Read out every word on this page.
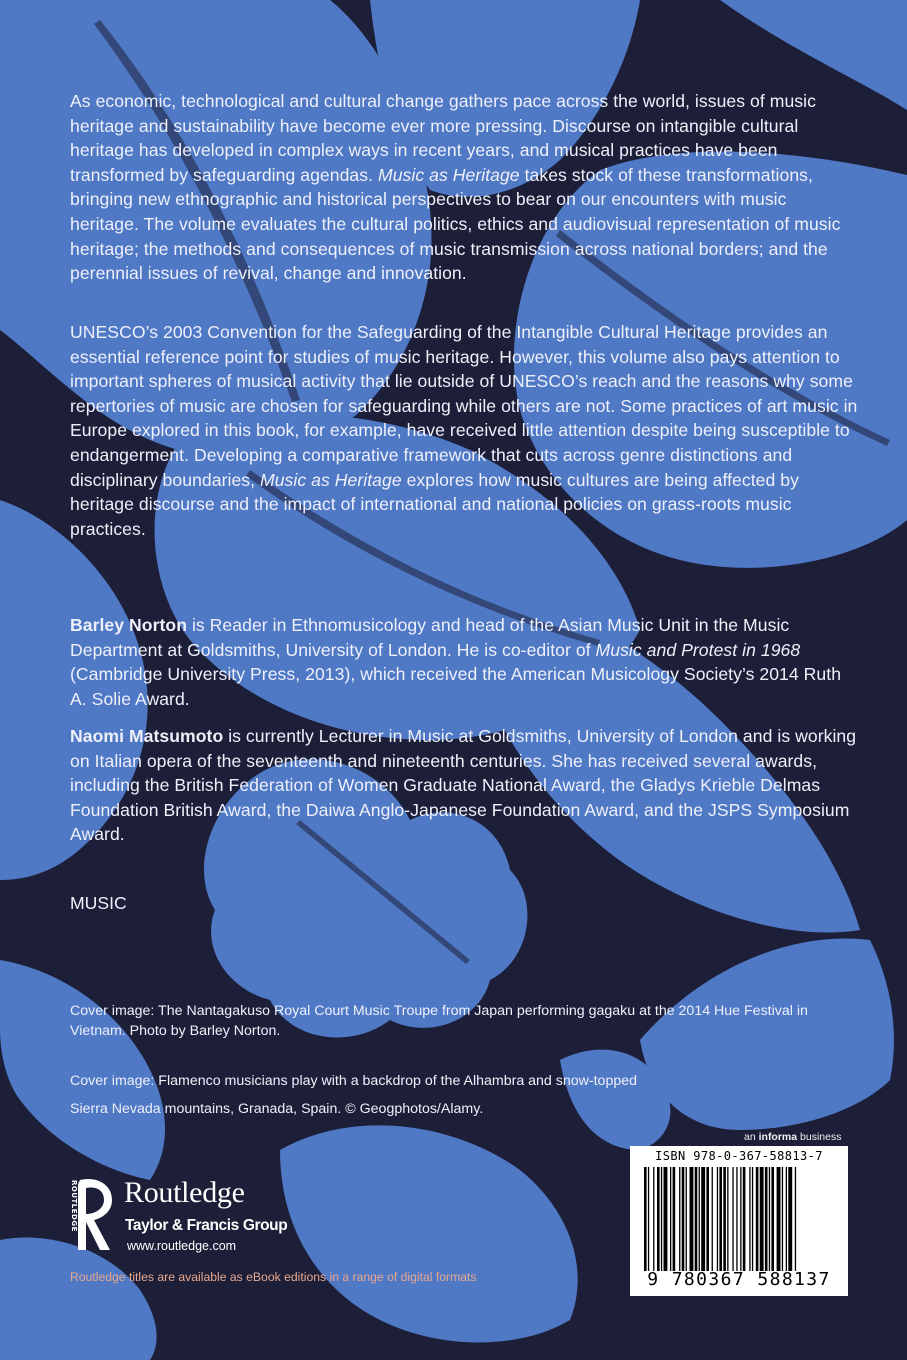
As economic, technological and cultural change gathers pace across the world, issues of music heritage and sustainability have become ever more pressing. Discourse on intangible cultural heritage has developed in complex ways in recent years, and musical practices have been transformed by safeguarding agendas. Music as Heritage takes stock of these transformations, bringing new ethnographic and historical perspectives to bear on our encounters with music heritage. The volume evaluates the cultural politics, ethics and audiovisual representation of music heritage; the methods and consequences of music transmission across national borders; and the perennial issues of revival, change and innovation.

UNESCO’s 2003 Convention for the Safeguarding of the Intangible Cultural Heritage provides an essential reference point for studies of music heritage. However, this volume also pays attention to important spheres of musical activity that lie outside of UNESCO’s reach and the reasons why some repertories of music are chosen for safeguarding while others are not. Some practices of art music in Europe explored in this book, for example, have received little attention despite being susceptible to endangerment. Developing a comparative framework that cuts across genre distinctions and disciplinary boundaries, Music as Heritage explores how music cultures are being affected by heritage discourse and the impact of international and national policies on grass-roots music practices.

Barley Norton is Reader in Ethnomusicology and head of the Asian Music Unit in the Music Department at Goldsmiths, University of London. He is co-editor of Music and Protest in 1968 (Cambridge University Press, 2013), which received the American Musicology Society’s 2014 Ruth A. Solie Award.

Naomi Matsumoto is currently Lecturer in Music at Goldsmiths, University of London and is working on Italian opera of the seventeenth and nineteenth centuries. She has received several awards, including the British Federation of Women Graduate National Award, the Gladys Krieble Delmas Foundation British Award, the Daiwa Anglo-Japanese Foundation Award, and the JSPS Symposium Award.

MUSIC

Cover image: The Nantagakuso Royal Court Music Troupe from Japan performing gagaku at the 2014 Hue Festival in Vietnam. Photo by Barley Norton.

Cover image: Flamenco musicians play with a backdrop of the Alhambra and snow-topped

Sierra Nevada mountains, Granada, Spain. © Geogphotos/Alamy.

an informa business
ROUTLEDGE Routledge
Taylor & Francis Group
www.routledge.com
Routledge titles are available as eBook editions in a range of digital formats
ISBN 978-0-367-58813-7
9 780367 588137
